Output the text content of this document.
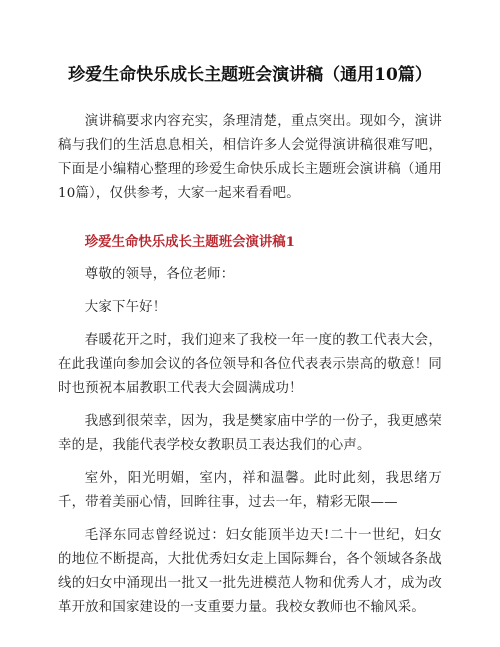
珍爱生命快乐成长主题班会演讲稿（通用10篇）

演讲稿要求内容充实，条理清楚，重点突出。现如今，演讲稿与我们的生活息息相关，相信许多人会觉得演讲稿很难写吧，下面是小编精心整理的珍爱生命快乐成长主题班会演讲稿（通用10篇），仅供参考，大家一起来看看吧。

珍爱生命快乐成长主题班会演讲稿1

尊敬的领导，各位老师：

大家下午好！

春暖花开之时，我们迎来了我校一年一度的教工代表大会，在此我谨向参加会议的各位领导和各位代表表示崇高的敬意！同时也预祝本届教职工代表大会圆满成功！

我感到很荣幸，因为，我是樊家庙中学的一份子，我更感荣幸的是，我能代表学校女教职员工表达我们的心声。

室外，阳光明媚，室内，祥和温馨。此时此刻，我思绪万千，带着美丽心情，回眸往事，过去一年，精彩无限——

毛泽东同志曾经说过：妇女能顶半边天!二十一世纪，妇女的地位不断提高，大批优秀妇女走上国际舞台，各个领域各条战线的妇女中涌现出一批又一批先进模范人物和优秀人才，成为改革开放和国家建设的一支重要力量。我校女教师也不输风采。
